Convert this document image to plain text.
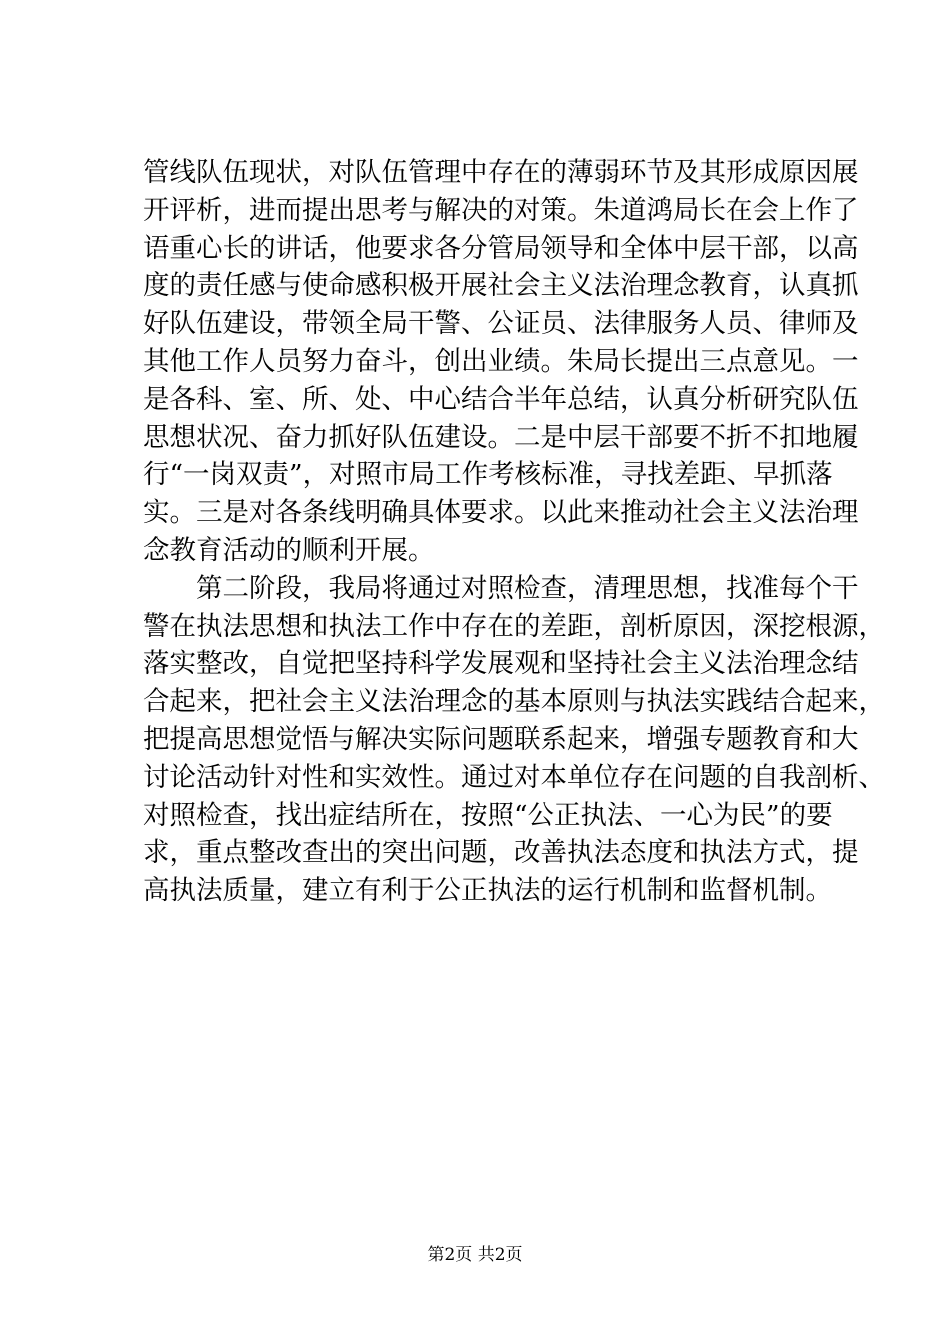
管线队伍现状，对队伍管理中存在的薄弱环节及其形成原因展
开评析，进而提出思考与解决的对策。朱道鸿局长在会上作了
语重心长的讲话，他要求各分管局领导和全体中层干部，以高
度的责任感与使命感积极开展社会主义法治理念教育，认真抓
好队伍建设，带领全局干警、公证员、法律服务人员、律师及
其他工作人员努力奋斗，创出业绩。朱局长提出三点意见。一
是各科、室、所、处、中心结合半年总结，认真分析研究队伍
思想状况、奋力抓好队伍建设。二是中层干部要不折不扣地履
行“一岗双责”，对照市局工作考核标准，寻找差距、早抓落
实。三是对各条线明确具体要求。以此来推动社会主义法治理
念教育活动的顺利开展。
　　第二阶段，我局将通过对照检查，清理思想，找准每个干
警在执法思想和执法工作中存在的差距，剖析原因，深挖根源，
落实整改，自觉把坚持科学发展观和坚持社会主义法治理念结
合起来，把社会主义法治理念的基本原则与执法实践结合起来，
把提高思想觉悟与解决实际问题联系起来，增强专题教育和大
讨论活动针对性和实效性。通过对本单位存在问题的自我剖析、
对照检查，找出症结所在，按照“公正执法、一心为民”的要
求，重点整改查出的突出问题，改善执法态度和执法方式，提
高执法质量，建立有利于公正执法的运行机制和监督机制。
第2页 共2页
